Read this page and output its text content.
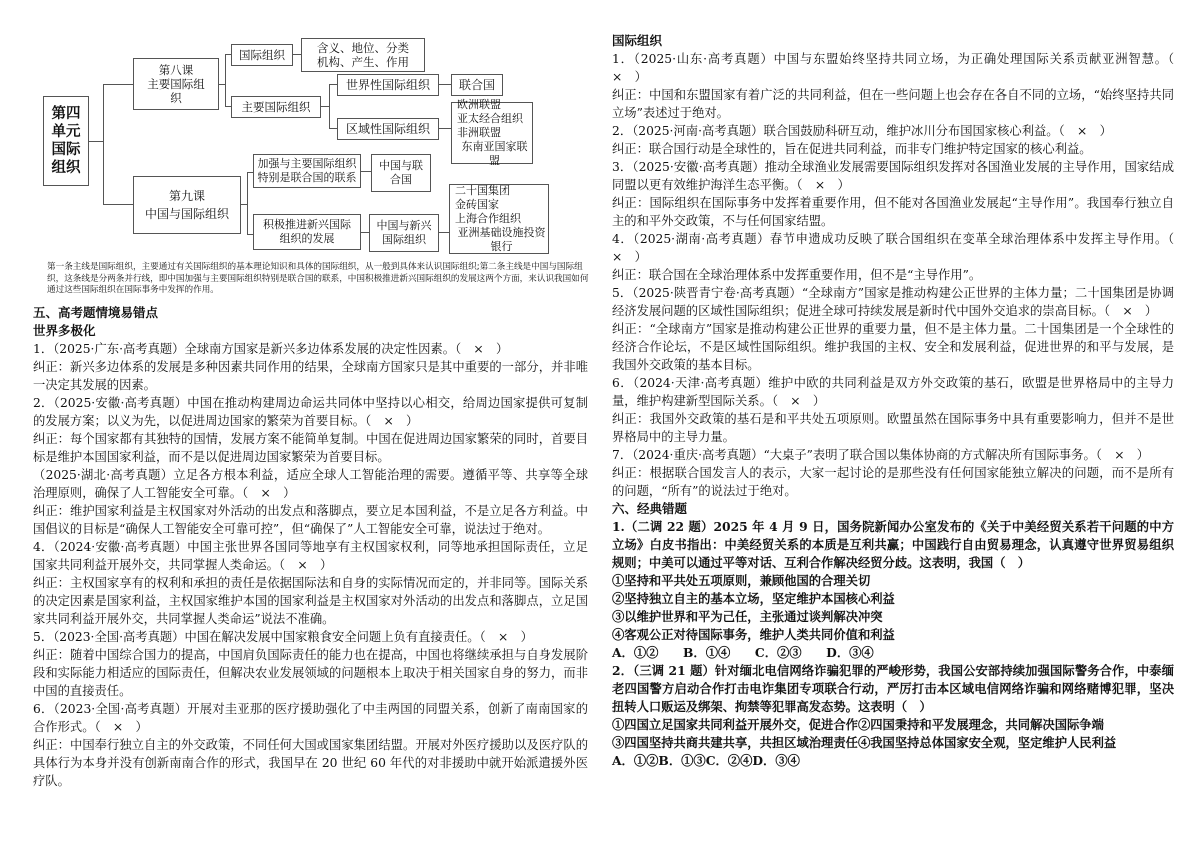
第四
单元
国际
组织
第八课
主要国际组
织
国际组织	含义、地位、分类
机构、产生、作用
主要国际组织
世界性国际组织	联合国
区域性国际组织
欧洲联盟
亚太经合组织
非洲联盟
东南亚国家联盟
第九课
中国与国际组织
加强与主要国际组织
特别是联合国的联系
中国与联
合国
积极推进新兴国际
组织的发展
中国与新兴
国际组织
二十国集团
金砖国家
上海合作组织
亚洲基础设施投资银行
第一条主线是国际组织，主要通过有关国际组织的基本理论知识和具体的国际组织，从一般到具体来认识国际组织;第二条主线是中国与国际组织，这条线是分两条并行线，即中国加强与主要国际组织特别是联合国的联系，中国积极推进新兴国际组织的发展这两个方面，来认识我国如何通过这些国际组织在国际事务中发挥的作用。

五、高考题情境易错点

世界多极化

1．（2025·广东·高考真题）全球南方国家是新兴多边体系发展的决定性因素。（　×　）

纠正：新兴多边体系的发展是多种因素共同作用的结果，全球南方国家只是其中重要的一部分，并非唯一决定其发展的因素。

2．（2025·安徽·高考真题）中国在推动构建周边命运共同体中坚持以心相交，给周边国家提供可复制的发展方案；以义为先，以促进周边国家的繁荣为首要目标。（　×　）

纠正：每个国家都有其独特的国情，发展方案不能简单复制。中国在促进周边国家繁荣的同时，首要目标是维护本国国家利益，而不是以促进周边国家繁荣为首要目标。

（2025·湖北·高考真题）立足各方根本利益，适应全球人工智能治理的需要。遵循平等、共享等全球治理原则，确保了人工智能安全可靠。（　×　）

纠正：维护国家利益是主权国家对外活动的出发点和落脚点，要立足本国利益，不是立足各方利益。中国倡议的目标是“确保人工智能安全可靠可控”，但“确保了”人工智能安全可靠，说法过于绝对。

4．（2024·安徽·高考真题）中国主张世界各国同等地享有主权国家权利，同等地承担国际责任，立足国家共同利益开展外交，共同掌握人类命运。（　×　）

纠正：主权国家享有的权利和承担的责任是依据国际法和自身的实际情况而定的，并非同等。国际关系的决定因素是国家利益，主权国家维护本国的国家利益是主权国家对外活动的出发点和落脚点，立足国家共同利益开展外交，共同掌握人类命运”说法不准确。

5．（2023·全国·高考真题）中国在解决发展中国家粮食安全问题上负有直接责任。（　×　）

纠正：随着中国综合国力的提高，中国肩负国际责任的能力也在提高，中国也将继续承担与自身发展阶段和实际能力相适应的国际责任，但解决农业发展领域的问题根本上取决于相关国家自身的努力，而非中国的直接责任。

6．（2023·全国·高考真题）开展对圭亚那的医疗援助强化了中圭两国的同盟关系，创新了南南国家的合作形式。（　×　）

纠正：中国奉行独立自主的外交政策，不同任何大国或国家集团结盟。开展对外医疗援助以及医疗队的具体行为本身并没有创新南南合作的形式，我国早在 20 世纪 60 年代的对非援助中就开始派遣援外医疗队。

国际组织

1．（2025·山东·高考真题）中国与东盟始终坚持共同立场，为正确处理国际关系贡献亚洲智慧。（　×　）

纠正：中国和东盟国家有着广泛的共同利益，但在一些问题上也会存在各自不同的立场，“始终坚持共同立场”表述过于绝对。

2．（2025·河南·高考真题）联合国鼓励科研互动，维护冰川分布国国家核心利益。（　×　）

纠正：联合国行动是全球性的，旨在促进共同利益，而非专门维护特定国家的核心利益。

3．（2025·安徽·高考真题）推动全球渔业发展需要国际组织发挥对各国渔业发展的主导作用，国家结成同盟以更有效维护海洋生态平衡。（　×　）

纠正：国际组织在国际事务中发挥着重要作用，但不能对各国渔业发展起“主导作用”。我国奉行独立自主的和平外交政策，不与任何国家结盟。

4．（2025·湖南·高考真题）春节申遗成功反映了联合国组织在变革全球治理体系中发挥主导作用。（　×　）

纠正：联合国在全球治理体系中发挥重要作用，但不是“主导作用”。

5．（2025·陕晋青宁卷·高考真题）“全球南方”国家是推动构建公正世界的主体力量；二十国集团是协调经济发展问题的区域性国际组织；促进全球可持续发展是新时代中国外交追求的崇高目标。（　×　）

纠正：“全球南方”国家是推动构建公正世界的重要力量，但不是主体力量。二十国集团是一个全球性的经济合作论坛，不是区域性国际组织。维护我国的主权、安全和发展利益，促进世界的和平与发展，是我国外交政策的基本目标。

6．（2024·天津·高考真题）维护中欧的共同利益是双方外交政策的基石，欧盟是世界格局中的主导力量，维护构建新型国际关系。（　×　）

纠正：我国外交政策的基石是和平共处五项原则。欧盟虽然在国际事务中具有重要影响力，但并不是世界格局中的主导力量。

7．（2024·重庆·高考真题）“大桌子”表明了联合国以集体协商的方式解决所有国际事务。（　×　）

纠正：根据联合国发言人的表示，大家一起讨论的是那些没有任何国家能独立解决的问题，而不是所有的问题，“所有”的说法过于绝对。

六、经典错题

1.（二调 22 题）2025 年 4 月 9 日，国务院新闻办公室发布的《关于中美经贸关系若干问题的中方立场》白皮书指出：中美经贸关系的本质是互利共赢；中国践行自由贸易理念，认真遵守世界贸易组织规则；中美可以通过平等对话、互利合作解决经贸分歧。这表明，我国（　）

①坚持和平共处五项原则，兼顾他国的合理关切

②坚持独立自主的基本立场，坚定维护本国核心利益

③以维护世界和平为己任，主张通过谈判解决冲突

④客观公正对待国际事务，维护人类共同价值和利益

A．①②　　B．①④　　C．②③　　D．③④

2．（三调 21 题）针对缅北电信网络诈骗犯罪的严峻形势，我国公安部持续加强国际警务合作，中泰缅老四国警方启动合作打击电诈集团专项联合行动，严厉打击本区域电信网络诈骗和网络赌博犯罪，坚决扭转人口贩运及绑架、拘禁等犯罪高发态势。这表明（　）

①四国立足国家共同利益开展外交，促进合作②四国秉持和平发展理念，共同解决国际争端

③四国坚持共商共建共享，共担区域治理责任④我国坚持总体国家安全观，坚定维护人民利益

A．①②B．①③C．②④D．③④
